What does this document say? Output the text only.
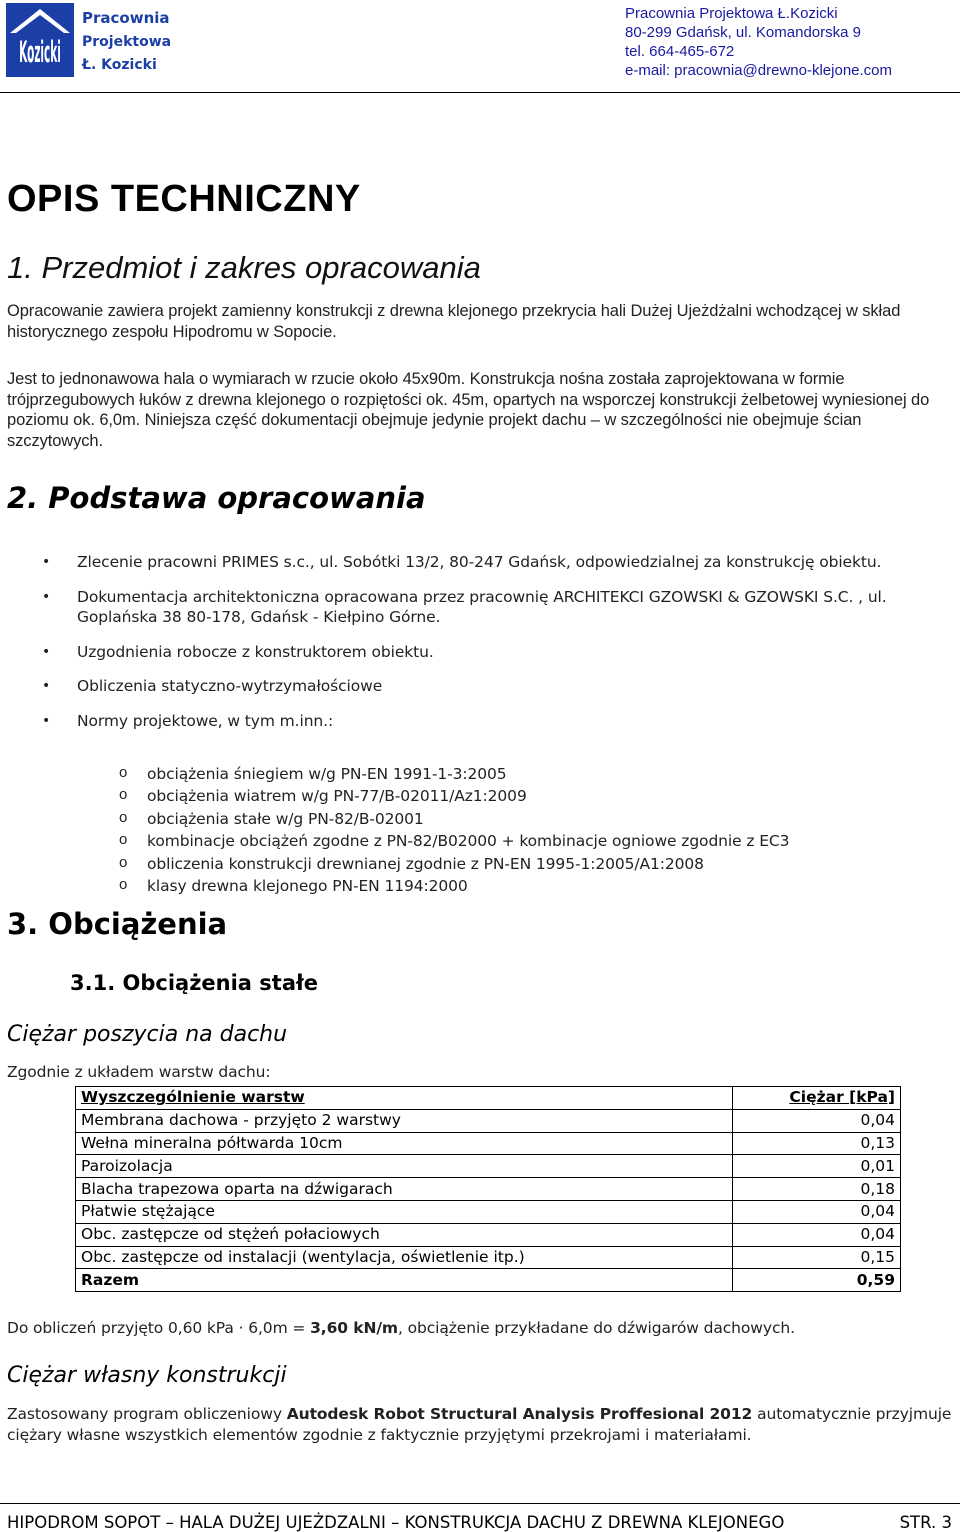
Kozicki
Pracownia
Projektowa
Ł. Kozicki
Pracownia Projektowa Ł.Kozicki
80-299 Gdańsk, ul. Komandorska 9
tel. 664-465-672
e-mail: pracownia@drewno-klejone.com
OPIS TECHNICZNY
1. Przedmiot i zakres opracowania
Opracowanie zawiera projekt zamienny konstrukcji z drewna klejonego przekrycia hali Dużej Ujeżdżalni wchodzącej w skład historycznego zespołu Hipodromu w Sopocie.
Jest to jednonawowa hala o wymiarach w rzucie około 45x90m. Konstrukcja nośna została zaprojektowana w formie trójprzegubowych łuków z drewna klejonego o rozpiętości ok. 45m, opartych na wsporczej konstrukcji żelbetowej wyniesionej do poziomu ok. 6,0m. Niniejsza część dokumentacji obejmuje jedynie projekt dachu – w szczególności nie obejmuje ścian szczytowych.
2. Podstawa opracowania
• Zlecenie pracowni PRIMES s.c., ul. Sobótki 13/2, 80-247 Gdańsk, odpowiedzialnej za konstrukcję obiektu.
• Dokumentacja architektoniczna opracowana przez pracownię ARCHITEKCI GZOWSKI & GZOWSKI S.C. , ul. Goplańska 38 80-178, Gdańsk - Kiełpino Górne.
• Uzgodnienia robocze z konstruktorem obiektu.
• Obliczenia statyczno-wytrzymałościowe
• Normy projektowe, w tym m.inn.:
o obciążenia śniegiem w/g PN-EN 1991-1-3:2005
o obciążenia wiatrem w/g PN-77/B-02011/Az1:2009
o obciążenia stałe w/g PN-82/B-02001
o kombinacje obciążeń zgodne z PN-82/B02000 + kombinacje ogniowe zgodnie z EC3
o obliczenia konstrukcji drewnianej zgodnie z PN-EN 1995-1:2005/A1:2008
o klasy drewna klejonego PN-EN 1194:2000
3. Obciążenia
3.1. Obciążenia stałe
Ciężar poszycia na dachu
Zgodnie z układem warstw dachu:
Wyszczególnienie warstw	Ciężar [kPa]
Membrana dachowa - przyjęto 2 warstwy	0,04
Wełna mineralna półtwarda 10cm	0,13
Paroizolacja	0,01
Blacha trapezowa oparta na dźwigarach	0,18
Płatwie stężające	0,04
Obc. zastępcze od stężeń połaciowych	0,04
Obc. zastępcze od instalacji (wentylacja, oświetlenie itp.)	0,15
Razem	0,59
Do obliczeń przyjęto 0,60 kPa · 6,0m = 3,60 kN/m, obciążenie przykładane do dźwigarów dachowych.
Ciężar własny konstrukcji
Zastosowany program obliczeniowy Autodesk Robot Structural Analysis Proffesional 2012 automatycznie przyjmuje ciężary własne wszystkich elementów zgodnie z faktycznie przyjętymi przekrojami i materiałami.
HIPODROM SOPOT – HALA DUŻEJ UJEŻDZALNI – KONSTRUKCJA DACHU Z DREWNA KLEJONEGO	STR. 3
